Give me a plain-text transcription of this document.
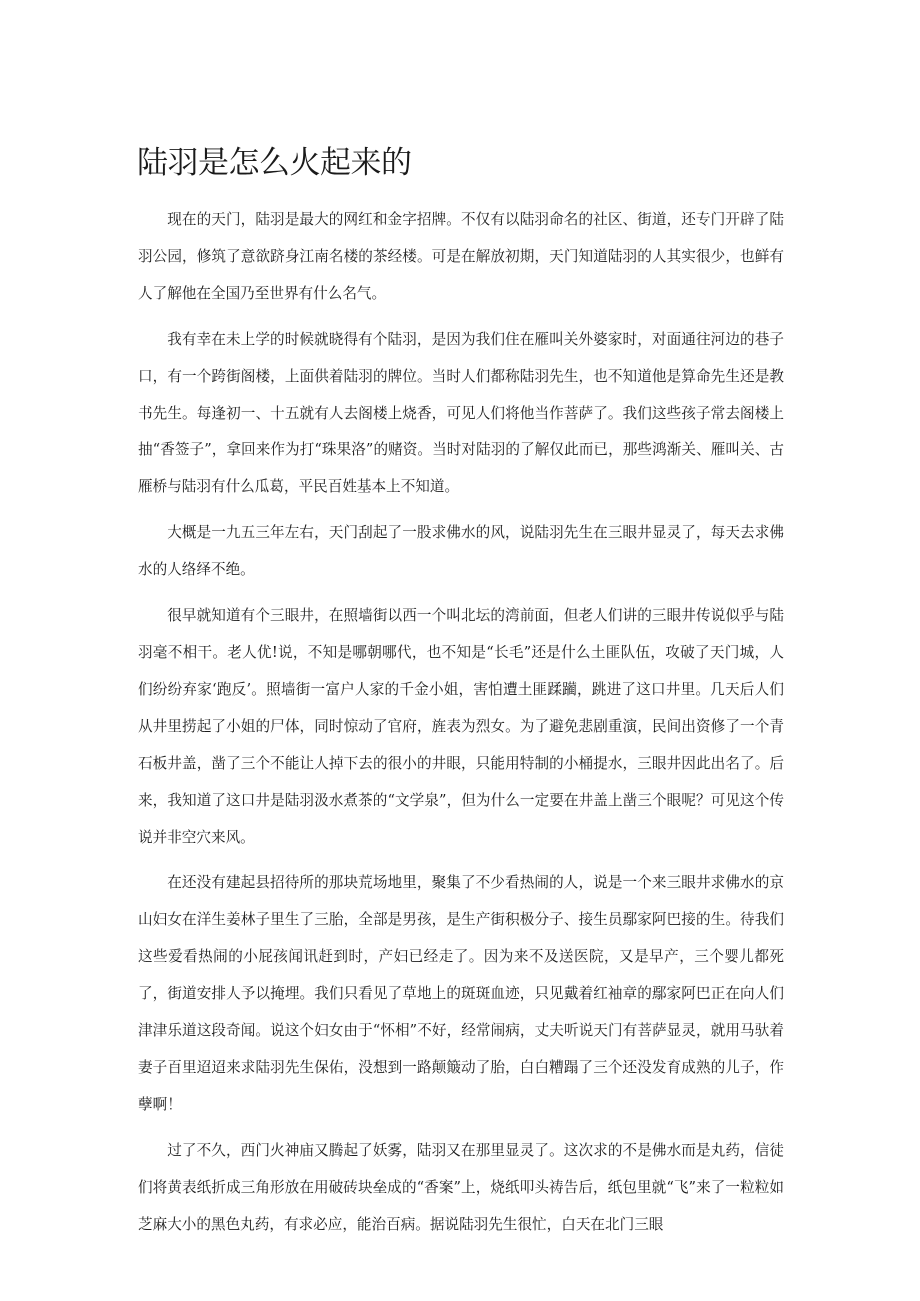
陆羽是怎么火起来的

现在的天门，陆羽是最大的网红和金字招牌。不仅有以陆羽命名的社区、街道，还专门开辟了陆羽公园，修筑了意欲跻身江南名楼的茶经楼。可是在解放初期，天门知道陆羽的人其实很少，也鲜有人了解他在全国乃至世界有什么名气。

我有幸在未上学的时候就晓得有个陆羽，是因为我们住在雁叫关外婆家时，对面通往河边的巷子口，有一个跨街阁楼，上面供着陆羽的牌位。当时人们都称陆羽先生，也不知道他是算命先生还是教书先生。每逢初一、十五就有人去阁楼上烧香，可见人们将他当作菩萨了。我们这些孩子常去阁楼上抽“香签子”，拿回来作为打“珠果洛”的赌资。当时对陆羽的了解仅此而已，那些鸿渐关、雁叫关、古雁桥与陆羽有什么瓜葛，平民百姓基本上不知道。

大概是一九五三年左右，天门刮起了一股求佛水的风，说陆羽先生在三眼井显灵了，每天去求佛水的人络绎不绝。

很早就知道有个三眼井，在照墙街以西一个叫北坛的湾前面，但老人们讲的三眼井传说似乎与陆羽毫不相干。老人优!说，不知是哪朝哪代，也不知是“长毛”还是什么土匪队伍，攻破了天门城，人们纷纷弃家‘跑反’。照墙街一富户人家的千金小姐，害怕遭土匪蹂躏，跳进了这口井里。几天后人们从井里捞起了小姐的尸体，同时惊动了官府，旌表为烈女。为了避免悲剧重演，民间出资修了一个青石板井盖，凿了三个不能让人掉下去的很小的井眼，只能用特制的小桶提水，三眼井因此出名了。后来，我知道了这口井是陆羽汲水煮茶的“文学泉”，但为什么一定要在井盖上凿三个眼呢？可见这个传说并非空穴来风。

在还没有建起县招待所的那块荒场地里，聚集了不少看热闹的人，说是一个来三眼井求佛水的京山妇女在洋生姜林子里生了三胎，全部是男孩，是生产街积极分子、接生员鄢家阿巴接的生。待我们这些爱看热闹的小屁孩闻讯赶到时，产妇已经走了。因为来不及送医院，又是早产，三个婴儿都死了，街道安排人予以掩埋。我们只看见了草地上的斑斑血迹，只见戴着红袖章的鄢家阿巴正在向人们津津乐道这段奇闻。说这个妇女由于“怀相”不好，经常闹病，丈夫听说天门有菩萨显灵，就用马驮着妻子百里迢迢来求陆羽先生保佑，没想到一路颠簸动了胎，白白糟蹋了三个还没发育成熟的儿子，作孽啊！

过了不久，西门火神庙又腾起了妖雾，陆羽又在那里显灵了。这次求的不是佛水而是丸药，信徒们将黄表纸折成三角形放在用破砖块垒成的“香案”上，烧纸叩头祷告后，纸包里就“飞”来了一粒粒如芝麻大小的黑色丸药，有求必应，能治百病。据说陆羽先生很忙，白天在北门三眼
